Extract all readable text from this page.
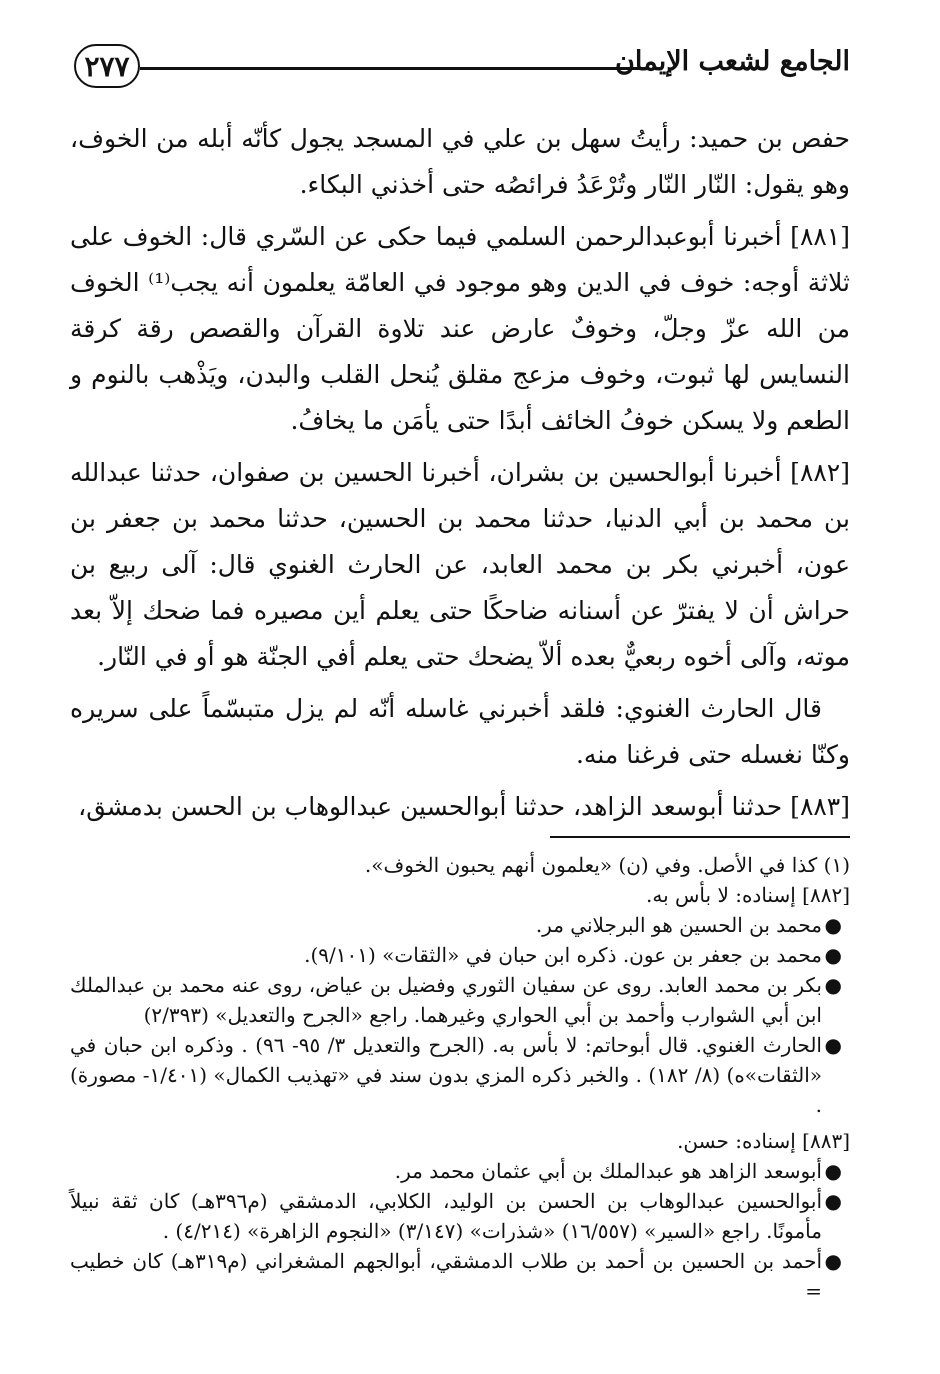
٢٧٧	الجامع لشعب الإيمان

حفص بن حميد: رأيتُ سهل بن علي في المسجد يجول كأنّه أبله من الخوف، وهو يقول: النّار النّار وتُرْعَدُ فرائصُه حتى أخذني البكاء.

[٨٨١] أخبرنا أبوعبدالرحمن السلمي فيما حكى عن السّري قال: الخوف على ثلاثة أوجه: خوف في الدين وهو موجود في العامّة يعلمون أنه يجب⁽¹⁾ الخوف من الله عزّ وجلّ، وخوفٌ عارض عند تلاوة القرآن والقصص رقة كرقة النسايس لها ثبوت، وخوف مزعج مقلق يُنحل القلب والبدن، ويَذْهب بالنوم و الطعم ولا يسكن خوفُ الخائف أبدًا حتى يأمَن ما يخافُ.

[٨٨٢] أخبرنا أبوالحسين بن بشران، أخبرنا الحسين بن صفوان، حدثنا عبدالله بن محمد بن أبي الدنيا، حدثنا محمد بن الحسين، حدثنا محمد بن جعفر بن عون، أخبرني بكر بن محمد العابد، عن الحارث الغنوي قال: آلى ربيع بن حراش أن لا يفترّ عن أسنانه ضاحكًا حتى يعلم أين مصيره فما ضحك إلاّ بعد موته، وآلى أخوه ربعيٌّ بعده ألاّ يضحك حتى يعلم أفي الجنّة هو أو في النّار.

قال الحارث الغنوي: فلقد أخبرني غاسله أنّه لم يزل متبسّماً على سريره وكنّا نغسله حتى فرغنا منه.

[٨٨٣] حدثنا أبوسعد الزاهد، حدثنا أبوالحسين عبدالوهاب بن الحسن بدمشق،

(١) كذا في الأصل. وفي (ن) «يعلمون أنهم يحبون الخوف».

[٨٨٢] إسناده: لا بأس به.

●
محمد بن الحسين هو البرجلاني مر.
●
محمد بن جعفر بن عون. ذكره ابن حبان في «الثقات» (٩/١٠١).
●
بكر بن محمد العابد. روى عن سفيان الثوري وفضيل بن عياض، روى عنه محمد بن عبدالملك ابن أبي الشوارب وأحمد بن أبي الحواري وغيرهما. راجع «الجرح والتعديل» (٢/٣٩٣)
●
الحارث الغنوي. قال أبوحاتم: لا بأس به. (الجرح والتعديل ٣/ ٩٥- ٩٦) . وذكره ابن حبان في «الثقات»ه) (٨/ ١٨٢) . والخبر ذكره المزي بدون سند في «تهذيب الكمال» (١/٤٠١- مصورة) .

[٨٨٣] إسناده: حسن.

●
أبوسعد الزاهد هو عبدالملك بن أبي عثمان محمد مر.
●
أبوالحسين عبدالوهاب بن الحسن بن الوليد، الكلابي، الدمشقي (م٣٩٦هـ) كان ثقة نبيلاً مأمونًا. راجع «السير» (١٦/٥٥٧) «شذرات» (٣/١٤٧) «النجوم الزاهرة» (٤/٢١٤) .
●
أحمد بن الحسين بن أحمد بن طلاب الدمشقي، أبوالجهم المشغراني (م٣١٩هـ) كان خطيب =
